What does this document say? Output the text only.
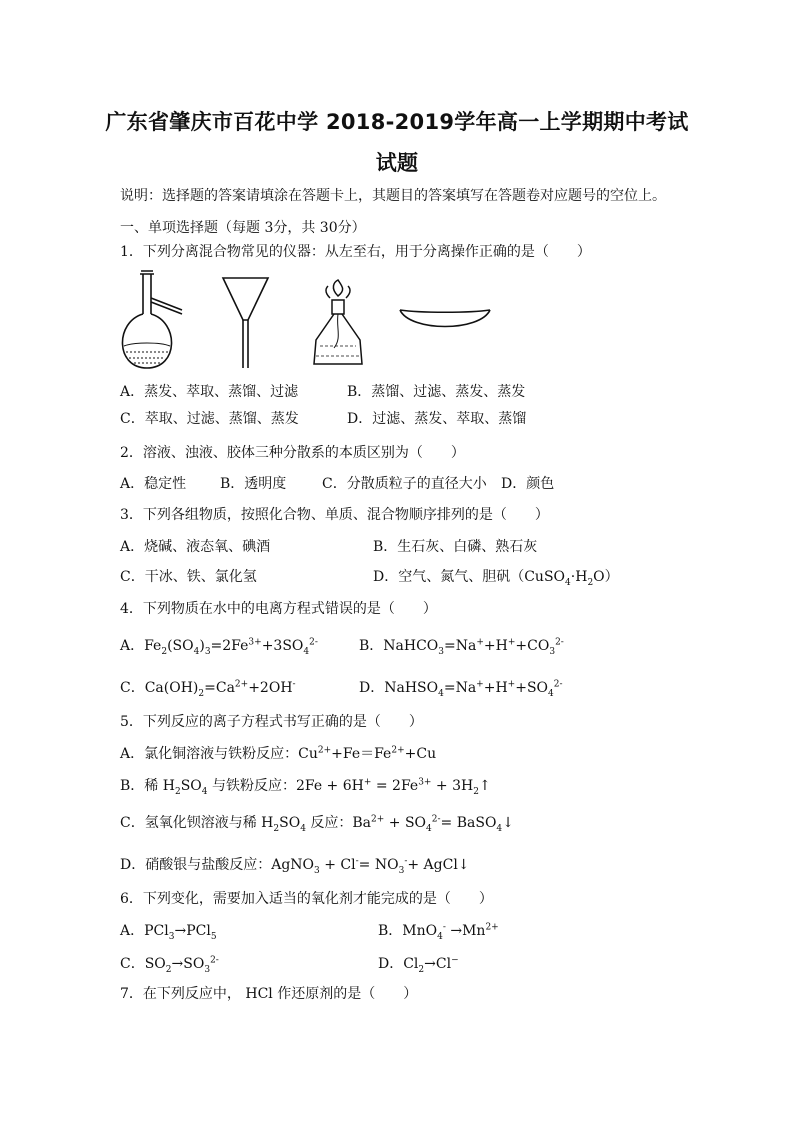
广东省肇庆市百花中学 2018-2019学年高一上学期期中考试
试题
说明：选择题的答案请填涂在答题卡上，其题目的答案填写在答题卷对应题号的空位上。
一、单项选择题（每题 3分，共 30分）
1．下列分离混合物常见的仪器：从左至右，用于分离操作正确的是（　　）
A．蒸发、萃取、蒸馏、过滤	B．蒸馏、过滤、蒸发、蒸发
C．萃取、过滤、蒸馏、蒸发	D．过滤、蒸发、萃取、蒸馏
2．溶液、浊液、胶体三种分散系的本质区别为（　　）
A．稳定性 B．透明度	C．分散质粒子的直径大小 D．颜色
3．下列各组物质，按照化合物、单质、混合物顺序排列的是（　　）
A．烧碱、液态氧、碘酒	B．生石灰、白磷、熟石灰
C．干冰、铁、氯化氢	D．空气、氮气、胆矾$(CuSO_4\cdot H_2O)$
4．下列物质在水中的电离方程式错误的是（　　）
A．$Fe_2(SO_4)_3=2Fe^{3+}+3SO_4^{2-}$	B．$NaHCO_3=Na^++H^++CO_3^{2-}$
C．$Ca(OH)_2=Ca^{2+}+2OH^-$	D．$NaHSO_4=Na^++H^++SO_4^{2-}$
5．下列反应的离子方程式书写正确的是（　　）
A．氯化铜溶液与铁粉反应：$Cu^{2+}+Fe=Fe^{2+}+Cu$
B．稀 $H_2SO_4$ 与铁粉反应：$2Fe + 6H^+ = 2Fe^{3+}$ + $3H_2↑$
C．氢氧化钡溶液与稀 $H_2SO_4$ 反应：$Ba^{2+} + SO_4^{2-}=$ BaSO$_4$↓
D．硝酸银与盐酸反应：AgNO$_3$ + $Cl^-= NO_3^-+$ AgCl↓
6．下列变化，需要加入适当的氧化剂才能完成的是（　　）
A．PCl$_3$→PCl$_5$	B．$MnO_4^- \to Mn^{2+}$
C．$SO_2\to SO_3^{2-}$	D．$Cl_2\to Cl^-$
7．在下列反应中， HCl 作还原剂的是（　　）
